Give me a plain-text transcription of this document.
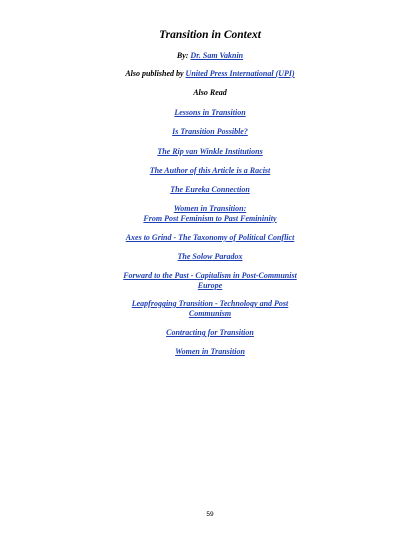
Transition in Context
By: Dr. Sam Vaknin
Also published by United Press International (UPI)
Also Read
Lessons in Transition
Is Transition Possible?
The Rip van Winkle Institutions
The Author of this Article is a Racist
The Eureka Connection
Women in Transition:
From Post Feminism to Past Femininity
Axes to Grind - The Taxonomy of Political Conflict
The Solow Paradox
Forward to the Past - Capitalism in Post-Communist
Europe
Leapfrogging Transition - Technology and Post
Communism
Contracting for Transition
Women in Transition
59
